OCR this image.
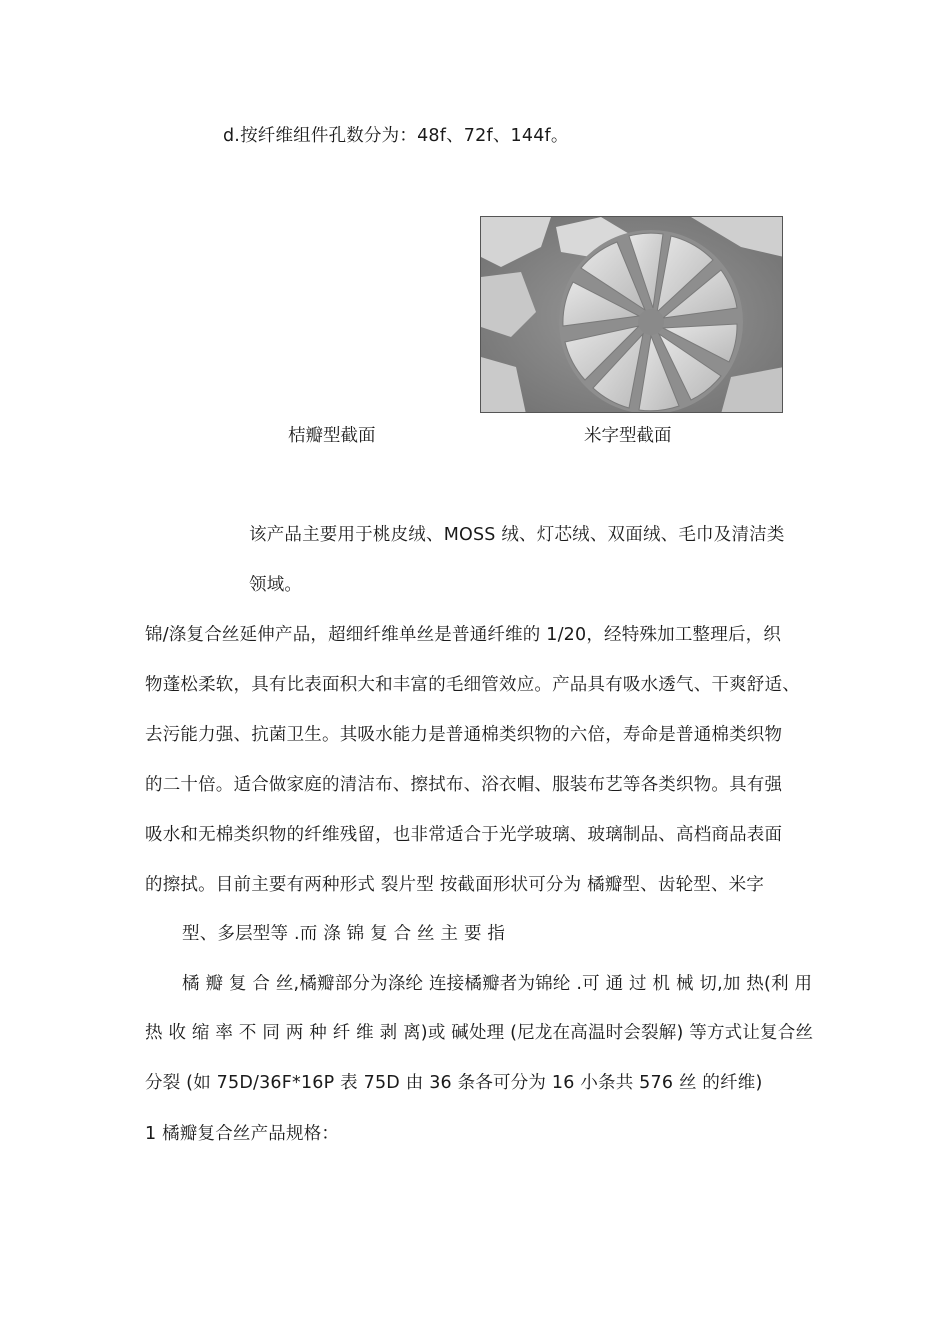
d.按纤维组件孔数分为：48f、72f、144f。
桔瓣型截面	米字型截面
该产品主要用于桃皮绒、MOSS 绒、灯芯绒、双面绒、毛巾及清洁类
领域。
锦/涤复合丝延伸产品，超细纤维单丝是普通纤维的 1/20，经特殊加工整理后，织
物蓬松柔软，具有比表面积大和丰富的毛细管效应。产品具有吸水透气、干爽舒适、
去污能力强、抗菌卫生。其吸水能力是普通棉类织物的六倍，寿命是普通棉类织物
的二十倍。适合做家庭的清洁布、擦拭布、浴衣帽、服装布艺等各类织物。具有强
吸水和无棉类织物的纤维残留，也非常适合于光学玻璃、玻璃制品、高档商品表面
的擦拭。目前主要有两种形式 裂片型 按截面形状可分为 橘瓣型、齿轮型、米字
型、多层型等 .而 涤 锦 复 合 丝 主 要 指
橘 瓣 复 合 丝,橘瓣部分为涤纶 连接橘瓣者为锦纶 .可 通 过 机 械 切,加 热(利 用
热 收 缩 率 不 同 两 种 纤 维 剥 离)或 碱处理 (尼龙在高温时会裂解) 等方式让复合丝
分裂 (如 75D/36F*16P 表 75D 由 36 条各可分为 16 小条共 576 丝 的纤维)
1 橘瓣复合丝产品规格：
